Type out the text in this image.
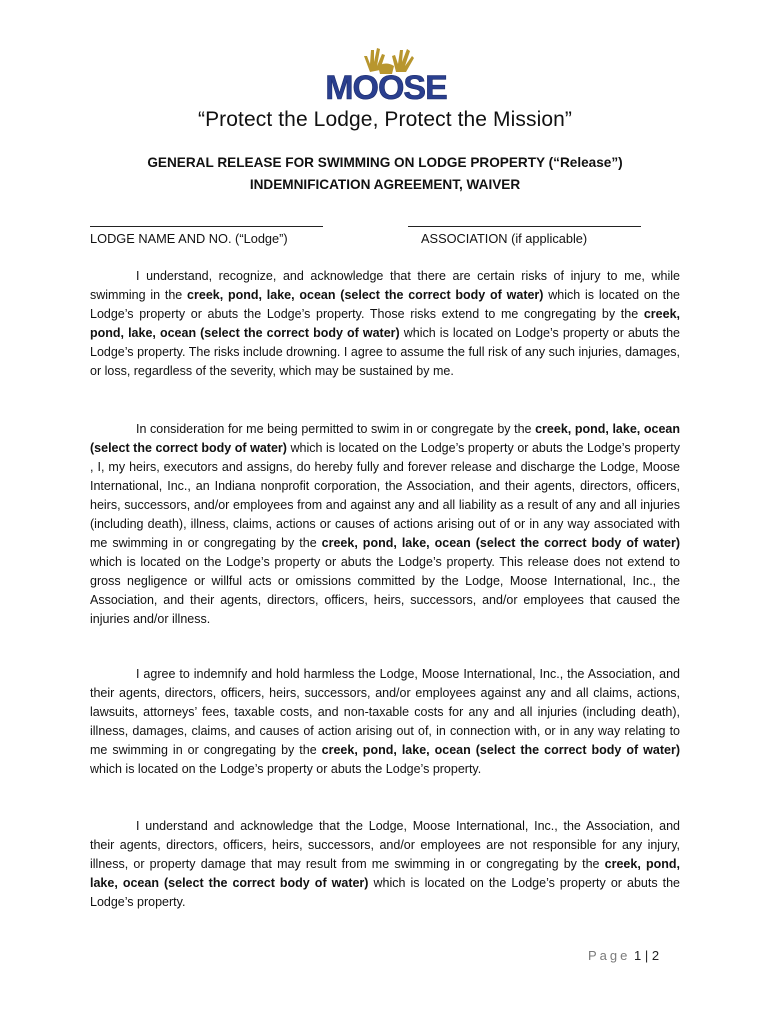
MOOSE
“Protect the Lodge, Protect the Mission”
GENERAL RELEASE FOR SWIMMING ON LODGE PROPERTY (“Release”)
INDEMNIFICATION AGREEMENT, WAIVER
LODGE NAME AND NO. (“Lodge”)	ASSOCIATION (if applicable)

I understand, recognize, and acknowledge that there are certain risks of injury to me, while swimming in the creek, pond, lake, ocean (select the correct body of water) which is located on the Lodge’s property or abuts the Lodge’s property. Those risks extend to me congregating by the creek, pond, lake, ocean (select the correct body of water) which is located on Lodge’s property or abuts the Lodge’s property. The risks include drowning. I agree to assume the full risk of any such injuries, damages, or loss, regardless of the severity, which may be sustained by me.

In consideration for me being permitted to swim in or congregate by the creek, pond, lake, ocean (select the correct body of water) which is located on the Lodge’s property or abuts the Lodge’s property , I, my heirs, executors and assigns, do hereby fully and forever release and discharge the Lodge, Moose International, Inc., an Indiana nonprofit corporation, the Association, and their agents, directors, officers, heirs, successors, and/or employees from and against any and all liability as a result of any and all injuries (including death), illness, claims, actions or causes of actions arising out of or in any way associated with me swimming in or congregating by the creek, pond, lake, ocean (select the correct body of water) which is located on the Lodge’s property or abuts the Lodge’s property. This release does not extend to gross negligence or willful acts or omissions committed by the Lodge, Moose International, Inc., the Association, and their agents, directors, officers, heirs, successors, and/or employees that caused the injuries and/or illness.

I agree to indemnify and hold harmless the Lodge, Moose International, Inc., the Association, and their agents, directors, officers, heirs, successors, and/or employees against any and all claims, actions, lawsuits, attorneys’ fees, taxable costs, and non-taxable costs for any and all injuries (including death), illness, damages, claims, and causes of action arising out of, in connection with, or in any way relating to me swimming in or congregating by the creek, pond, lake, ocean (select the correct body of water) which is located on the Lodge’s property or abuts the Lodge’s property.

I understand and acknowledge that the Lodge, Moose International, Inc., the Association, and their agents, directors, officers, heirs, successors, and/or employees are not responsible for any injury, illness, or property damage that may result from me swimming in or congregating by the creek, pond, lake, ocean (select the correct body of water) which is located on the Lodge’s property or abuts the Lodge’s property.

Page 1 | 2
